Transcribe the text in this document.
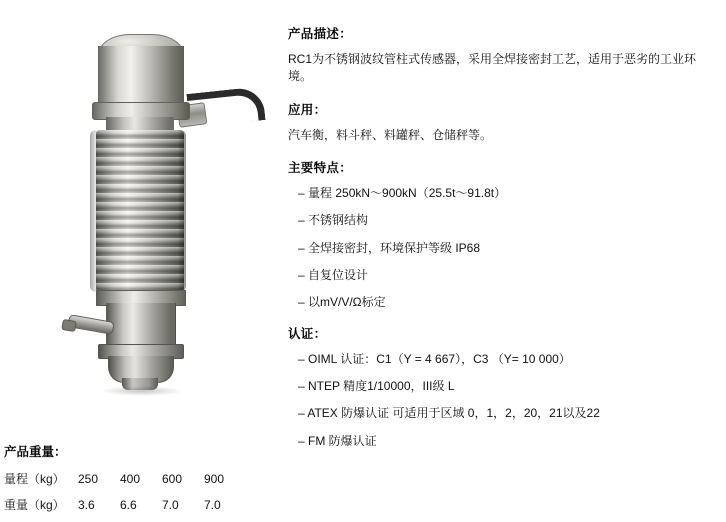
产品描述：

RC1为不锈钢波纹管柱式传感器，采用全焊接密封工艺，适用于恶劣的工业环境。

应用：

汽车衡，料斗秤、料罐秤、仓储秤等。

主要特点：

– 量程 250kN～900kN（25.5t～91.8t）
– 不锈钢结构
– 全焊接密封，环境保护等级 IP68
– 自复位设计
– 以mV/V/Ω标定

认证：

– OIML 认证：C1（Y = 4 667），C3 （Y= 10 000）
– NTEP 精度1/10000，III级 L
– ATEX 防爆认证 可适用于区域 0，1，2，20，21以及22
– FM 防爆认证

产品重量：

量程（kg）	250	400	600	900
重量（kg）	3.6	6.6	7.0	7.0
